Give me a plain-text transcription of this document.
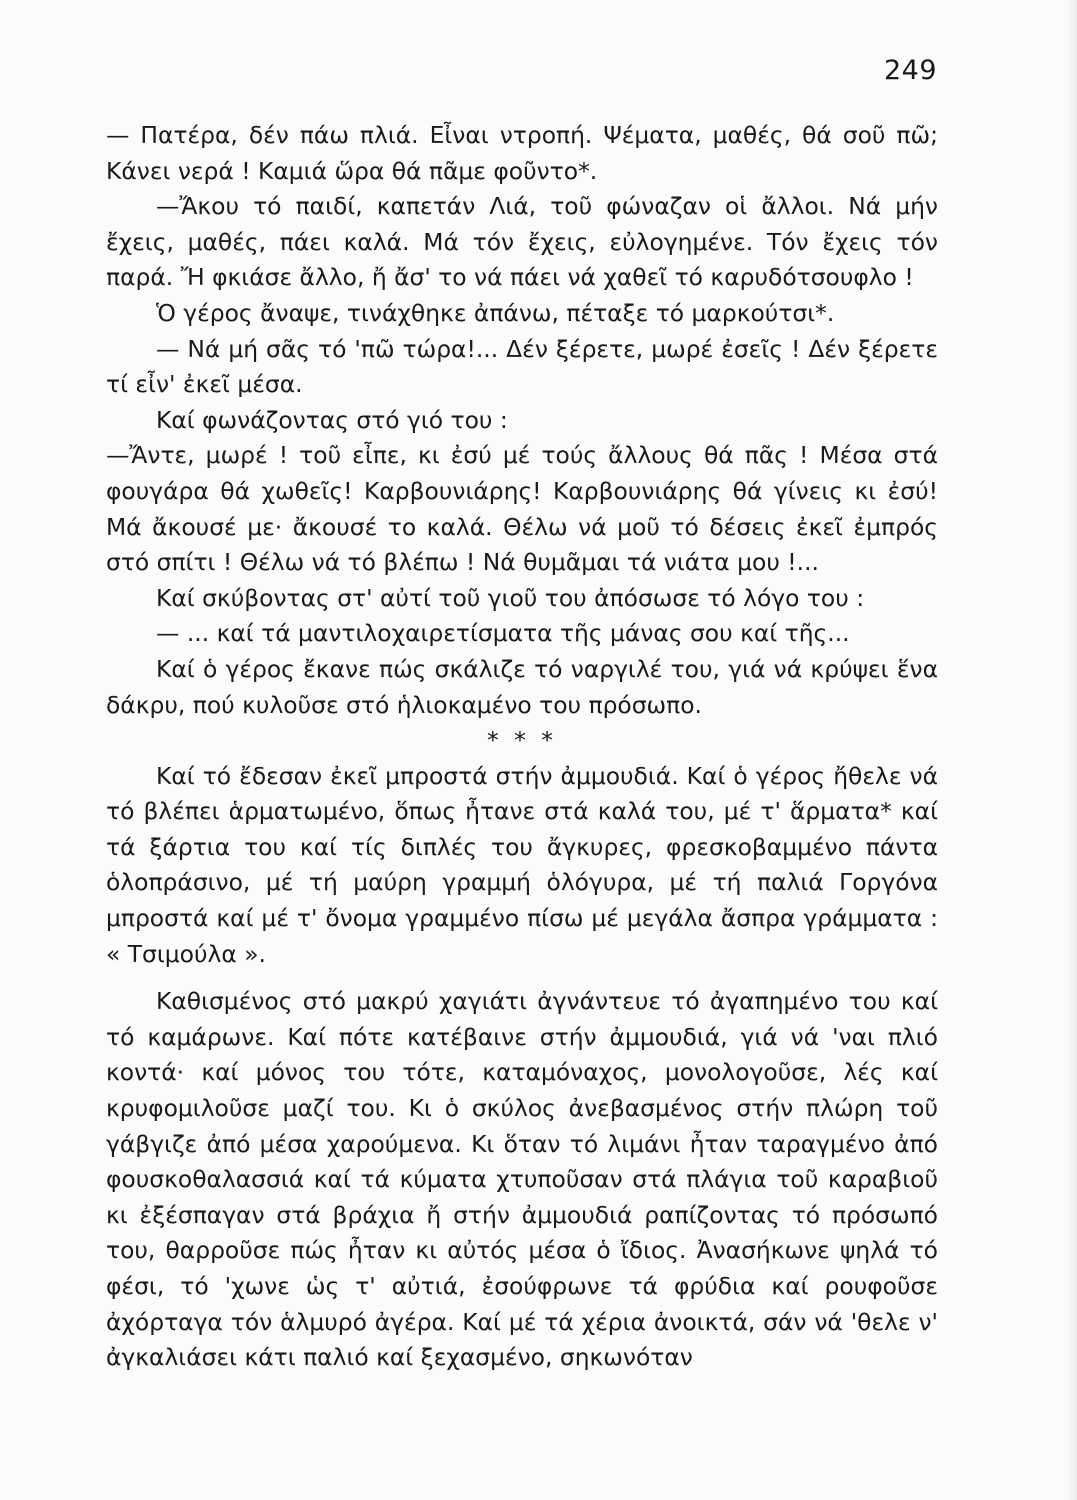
249

— Πατέρα, δέν πάω πλιά. Εἶναι ντροπή. Ψέματα, μαθές, θά σοῦ πῶ; Κάνει νερά ! Καμιά ὥρα θά πᾶμε φοῦντο*.

—Ἄκου τό παιδί, καπετάν Λιά, τοῦ φώναζαν οἱ ἄλλοι. Νά μήν ἔχεις, μαθές, πάει καλά. Μά τόν ἔχεις, εὐλογημένε. Τόν ἔχεις τόν παρά. Ἤ φκιάσε ἄλλο, ἤ ἄσ' το νά πάει νά χαθεῖ τό καρυδότσουφλο !

Ὁ γέρος ἄναψε, τινάχθηκε ἀπάνω, πέταξε τό μαρκούτσι*.

— Νά μή σᾶς τό 'πῶ τώρα!... Δέν ξέρετε, μωρέ ἐσεῖς ! Δέν ξέρετε τί εἶν' ἐκεῖ μέσα.

Καί φωνάζοντας στό γιό του :

—Ἄντε, μωρέ ! τοῦ εἶπε, κι ἐσύ μέ τούς ἄλλους θά πᾶς ! Μέσα στά φουγάρα θά χωθεῖς! Καρβουνιάρης! Καρβουνιάρης θά γίνεις κι ἐσύ! Μά ἄκουσέ με· ἄκουσέ το καλά. Θέλω νά μοῦ τό δέσεις ἐκεῖ ἐμπρός στό σπίτι ! Θέλω νά τό βλέπω ! Νά θυμᾶμαι τά νιάτα μου !...

Καί σκύβοντας στ' αὐτί τοῦ γιοῦ του ἀπόσωσε τό λόγο του :

— ... καί τά μαντιλοχαιρετίσματα τῆς μάνας σου καί τῆς...

Καί ὁ γέρος ἔκανε πώς σκάλιζε τό ναργιλέ του, γιά νά κρύψει ἕνα δάκρυ, πού κυλοῦσε στό ἡλιοκαμένο του πρόσωπο.

* * *

Καί τό ἔδεσαν ἐκεῖ μπροστά στήν ἀμμουδιά. Καί ὁ γέρος ἤθελε νά τό βλέπει ἁρματωμένο, ὅπως ἦτανε στά καλά του, μέ τ' ἅρματα* καί τά ξάρτια του καί τίς διπλές του ἄγκυρες, φρεσκοβαμμένο πάντα ὁλοπράσινο, μέ τή μαύρη γραμμή ὁλόγυρα, μέ τή παλιά Γοργόνα μπροστά καί μέ τ' ὄνομα γραμμένο πίσω μέ μεγάλα ἄσπρα γράμματα : « Τσιμούλα ».

Καθισμένος στό μακρύ χαγιάτι ἀγνάντευε τό ἀγαπημένο του καί τό καμάρωνε. Καί πότε κατέβαινε στήν ἀμμουδιά, γιά νά 'ναι πλιό κοντά· καί μόνος του τότε, καταμόναχος, μονολογοῦσε, λές καί κρυφομιλοῦσε μαζί του. Κι ὁ σκύλος ἀνεβασμένος στήν πλώρη τοῦ γάβγιζε ἀπό μέσα χαρούμενα. Κι ὅταν τό λιμάνι ἦταν ταραγμένο ἀπό φουσκοθαλασσιά καί τά κύματα χτυποῦσαν στά πλάγια τοῦ καραβιοῦ κι ἐξέσπαγαν στά βράχια ἤ στήν ἀμμουδιά ραπίζοντας τό πρόσωπό του, θαρροῦσε πώς ἦταν κι αὐτός μέσα ὁ ἴδιος. Ἀνασήκωνε ψηλά τό φέσι, τό 'χωνε ὡς τ' αὐτιά, ἐσούφρωνε τά φρύδια καί ρουφοῦσε ἀχόρταγα τόν ἁλμυρό ἀγέρα. Καί μέ τά χέρια ἀνοικτά, σάν νά 'θελε ν' ἀγκαλιάσει κάτι παλιό καί ξεχασμένο, σηκωνόταν
